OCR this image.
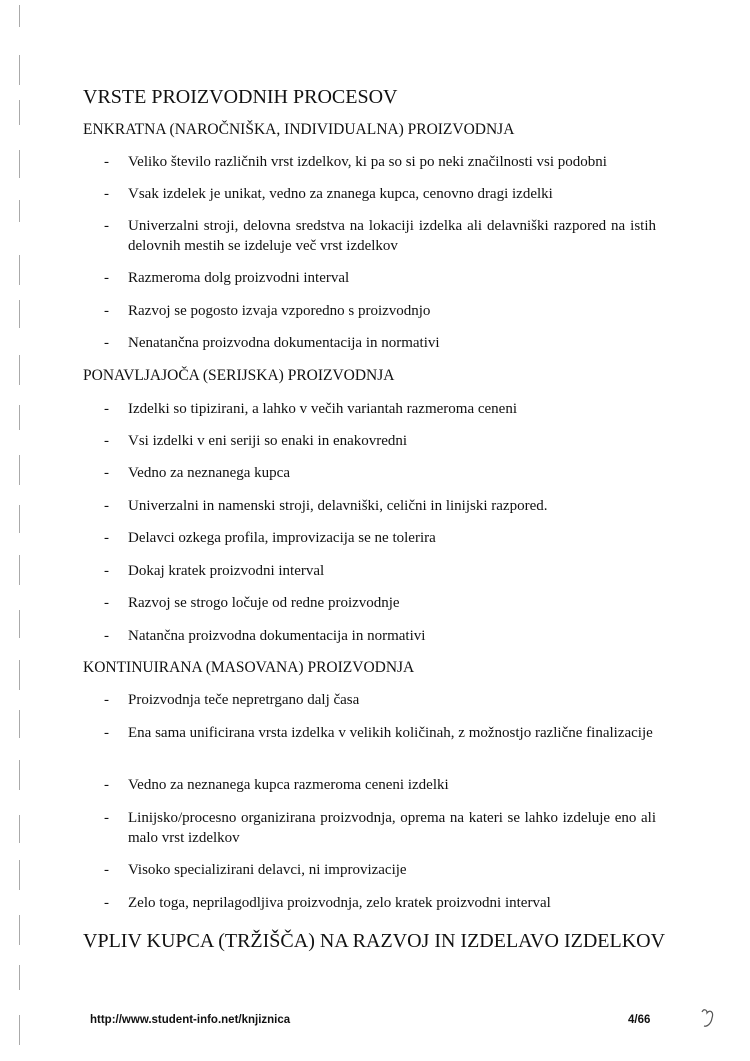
VRSTE PROIZVODNIH PROCESOV
ENKRATNA (NAROČNIŠKA, INDIVIDUALNA) PROIZVODNJA
- Veliko število različnih vrst izdelkov, ki pa so si po neki značilnosti vsi podobni
- Vsak izdelek je unikat, vedno za znanega kupca, cenovno dragi izdelki
- Univerzalni stroji, delovna sredstva na lokaciji izdelka ali delavniški razpored na istih delovnih mestih se izdeluje več vrst izdelkov
- Razmeroma dolg proizvodni interval
- Razvoj se pogosto izvaja vzporedno s proizvodnjo
- Nenatančna proizvodna dokumentacija in normativi
PONAVLJAJOČA (SERIJSKA) PROIZVODNJA
- Izdelki so tipizirani, a lahko v večih variantah razmeroma ceneni
- Vsi izdelki v eni seriji so enaki in enakovredni
- Vedno za neznanega kupca
- Univerzalni in namenski stroji, delavniški, celični in linijski razpored.
- Delavci ozkega profila, improvizacija se ne tolerira
- Dokaj kratek proizvodni interval
- Razvoj se strogo ločuje od redne proizvodnje
- Natančna proizvodna dokumentacija in normativi
KONTINUIRANA (MASOVANA) PROIZVODNJA
- Proizvodnja teče nepretrgano dalj časa
- Ena sama unificirana vrsta izdelka v velikih količinah, z možnostjo različne finalizacije
- Vedno za neznanega kupca razmeroma ceneni izdelki
- Linijsko/procesno organizirana proizvodnja, oprema na kateri se lahko izdeluje eno ali malo vrst izdelkov
- Visoko specializirani delavci, ni improvizacije
- Zelo toga, neprilagodljiva proizvodnja, zelo kratek proizvodni interval
VPLIV KUPCA (TRŽIŠČA) NA RAZVOJ IN IZDELAVO IZDELKOV
http://www.student-info.net/knjiznica	4/66
